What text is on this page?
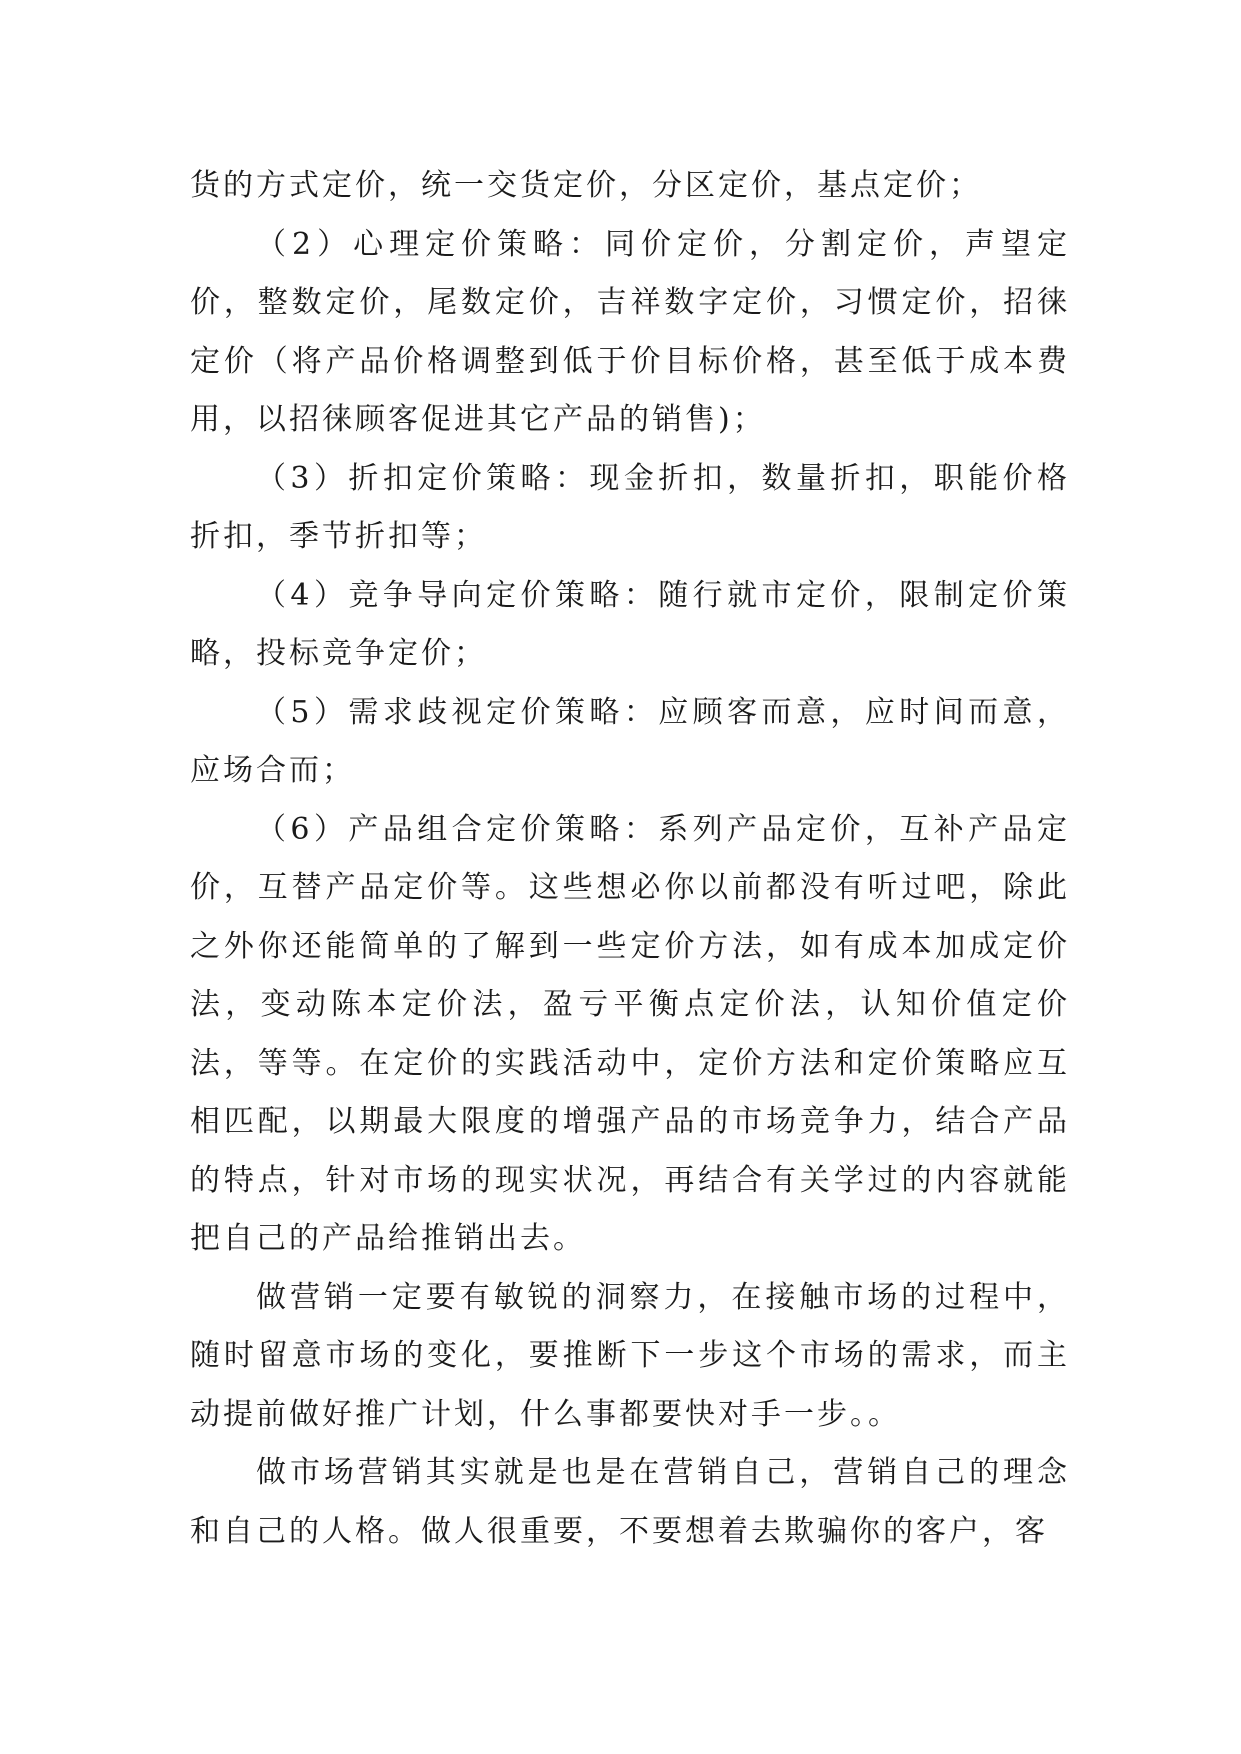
货的方式定价，统一交货定价，分区定价，基点定价；

（2）心理定价策略：同价定价，分割定价，声望定价，整数定价，尾数定价，吉祥数字定价，习惯定价，招徕定价（将产品价格调整到低于价目标价格，甚至低于成本费用，以招徕顾客促进其它产品的销售)；

（3）折扣定价策略：现金折扣，数量折扣，职能价格折扣，季节折扣等；

（4）竞争导向定价策略：随行就市定价，限制定价策略，投标竞争定价；

（5）需求歧视定价策略：应顾客而意，应时间而意，应场合而；

（6）产品组合定价策略：系列产品定价，互补产品定价，互替产品定价等。这些想必你以前都没有听过吧，除此之外你还能简单的了解到一些定价方法，如有成本加成定价法，变动陈本定价法，盈亏平衡点定价法，认知价值定价法，等等。在定价的实践活动中，定价方法和定价策略应互相匹配，以期最大限度的增强产品的市场竞争力，结合产品的特点，针对市场的现实状况，再结合有关学过的内容就能把自己的产品给推销出去。

做营销一定要有敏锐的洞察力，在接触市场的过程中，随时留意市场的变化，要推断下一步这个市场的需求，而主动提前做好推广计划，什么事都要快对手一步。。

做市场营销其实就是也是在营销自己，营销自己的理念和自己的人格。做人很重要，不要想着去欺骗你的客户，客
